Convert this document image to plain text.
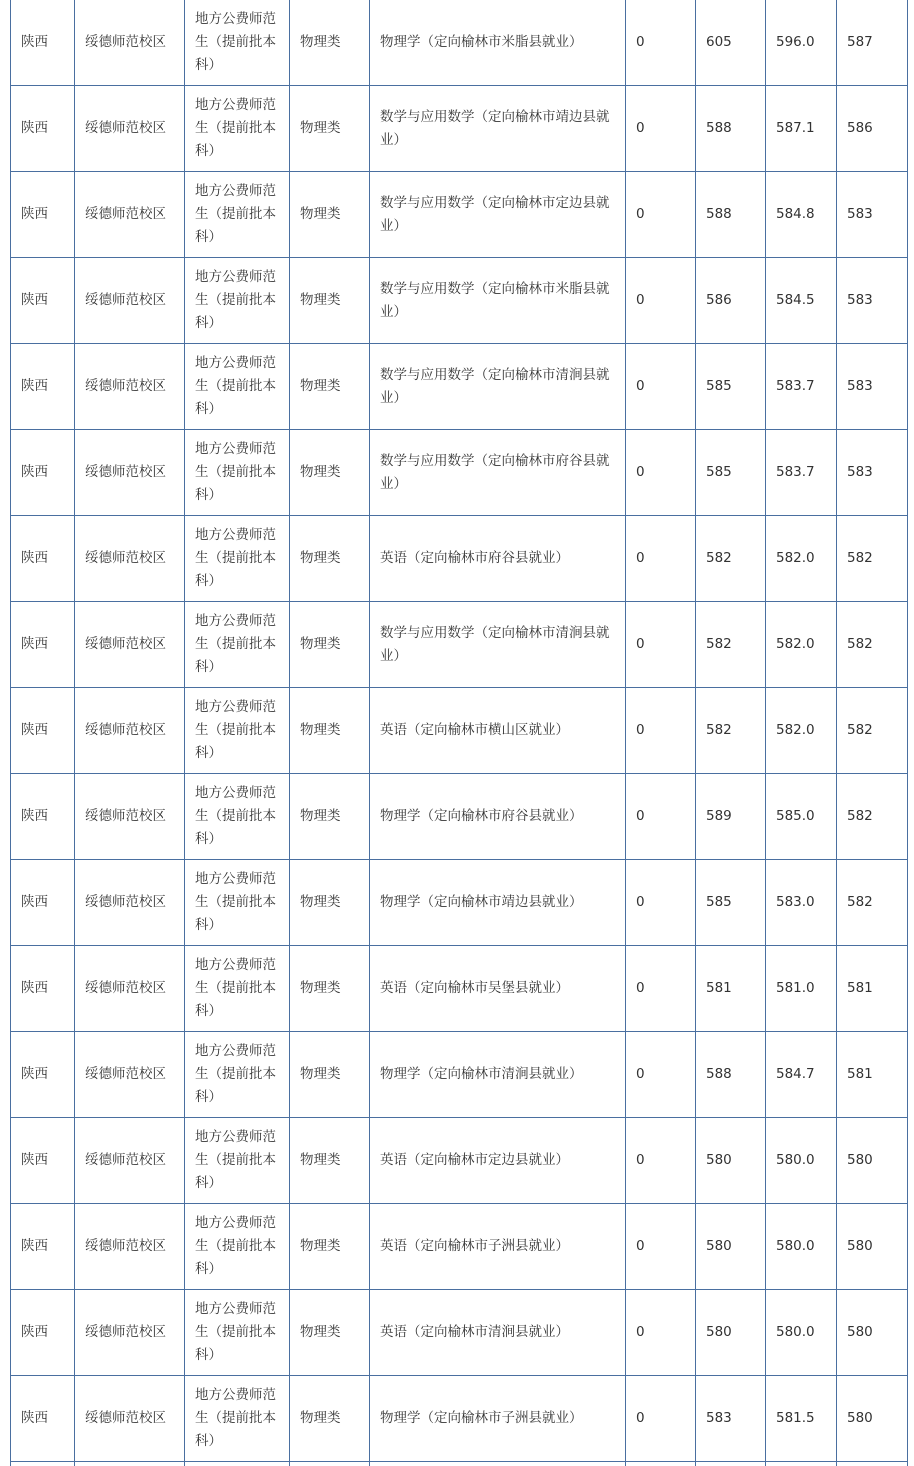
陕西	绥德师范校区	地方公费师范生（提前批本科）	物理类	物理学（定向榆林市米脂县就业）	0	605	596.0	587
陕西	绥德师范校区	地方公费师范生（提前批本科）	物理类	数学与应用数学（定向榆林市靖边县就业）	0	588	587.1	586
陕西	绥德师范校区	地方公费师范生（提前批本科）	物理类	数学与应用数学（定向榆林市定边县就业）	0	588	584.8	583
陕西	绥德师范校区	地方公费师范生（提前批本科）	物理类	数学与应用数学（定向榆林市米脂县就业）	0	586	584.5	583
陕西	绥德师范校区	地方公费师范生（提前批本科）	物理类	数学与应用数学（定向榆林市清涧县就业）	0	585	583.7	583
陕西	绥德师范校区	地方公费师范生（提前批本科）	物理类	数学与应用数学（定向榆林市府谷县就业）	0	585	583.7	583
陕西	绥德师范校区	地方公费师范生（提前批本科）	物理类	英语（定向榆林市府谷县就业）	0	582	582.0	582
陕西	绥德师范校区	地方公费师范生（提前批本科）	物理类	数学与应用数学（定向榆林市清涧县就业）	0	582	582.0	582
陕西	绥德师范校区	地方公费师范生（提前批本科）	物理类	英语（定向榆林市横山区就业）	0	582	582.0	582
陕西	绥德师范校区	地方公费师范生（提前批本科）	物理类	物理学（定向榆林市府谷县就业）	0	589	585.0	582
陕西	绥德师范校区	地方公费师范生（提前批本科）	物理类	物理学（定向榆林市靖边县就业）	0	585	583.0	582
陕西	绥德师范校区	地方公费师范生（提前批本科）	物理类	英语（定向榆林市吴堡县就业）	0	581	581.0	581
陕西	绥德师范校区	地方公费师范生（提前批本科）	物理类	物理学（定向榆林市清涧县就业）	0	588	584.7	581
陕西	绥德师范校区	地方公费师范生（提前批本科）	物理类	英语（定向榆林市定边县就业）	0	580	580.0	580
陕西	绥德师范校区	地方公费师范生（提前批本科）	物理类	英语（定向榆林市子洲县就业）	0	580	580.0	580
陕西	绥德师范校区	地方公费师范生（提前批本科）	物理类	英语（定向榆林市清涧县就业）	0	580	580.0	580
陕西	绥德师范校区	地方公费师范生（提前批本科）	物理类	物理学（定向榆林市子洲县就业）	0	583	581.5	580
